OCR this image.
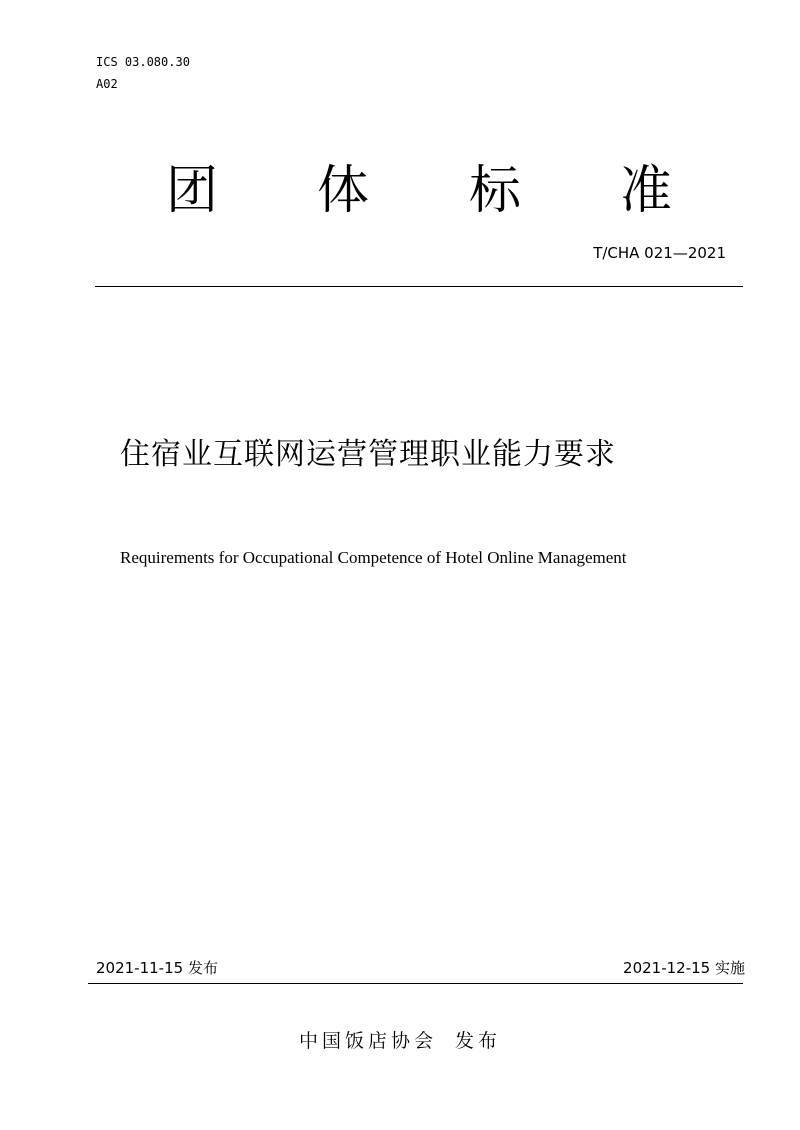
ICS 03.080.30
A02
团 体 标 准
T/CHA 021—2021
住宿业互联网运营管理职业能力要求
Requirements for Occupational Competence of Hotel Online Management
2021-11-15 发布	2021-12-15 实施
中国饭店协会 发布
